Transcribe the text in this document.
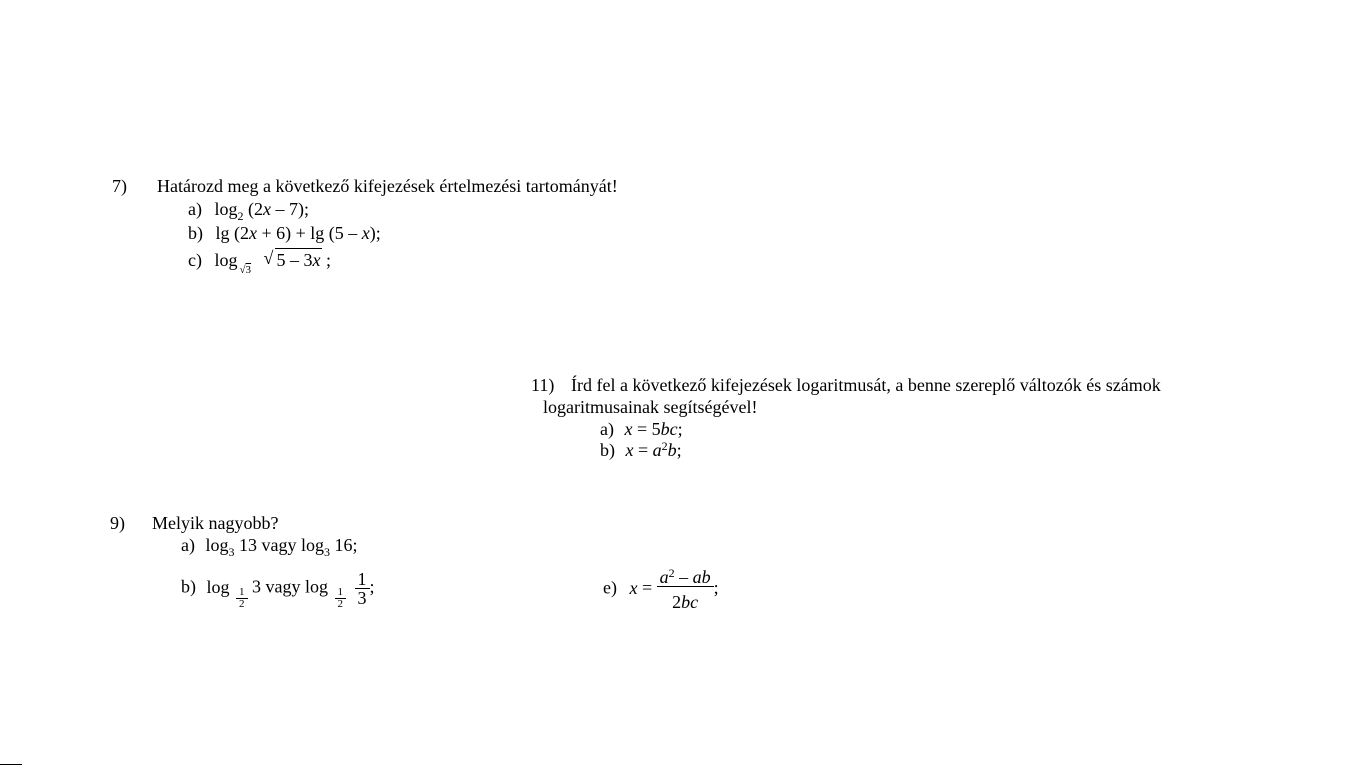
7) Határozd meg a következő kifejezések értelmezési tartományát!
a) $\log_2 (2x - 7)$;
b) lg (2x + 6) + lg (5 – x);
c) log $_{√3}$
√ 5 – 3x ;
11) Írd fel a következő kifejezések logaritmusát, a benne szereplő változók és számok
logaritmusainak segítségével!
a) x = 5bc;
b) $x = a^2b$;
e) $x = \frac{a^2 - ab}{2bc}$ ;
9) Melyik nagyobb?
a) $\log_3 13$ vagy $\log_3 16$;
b) log
$\frac{1}{2}$
3 vagy log
$\frac{1}{2}$
$\frac{1}{3}$ ;
